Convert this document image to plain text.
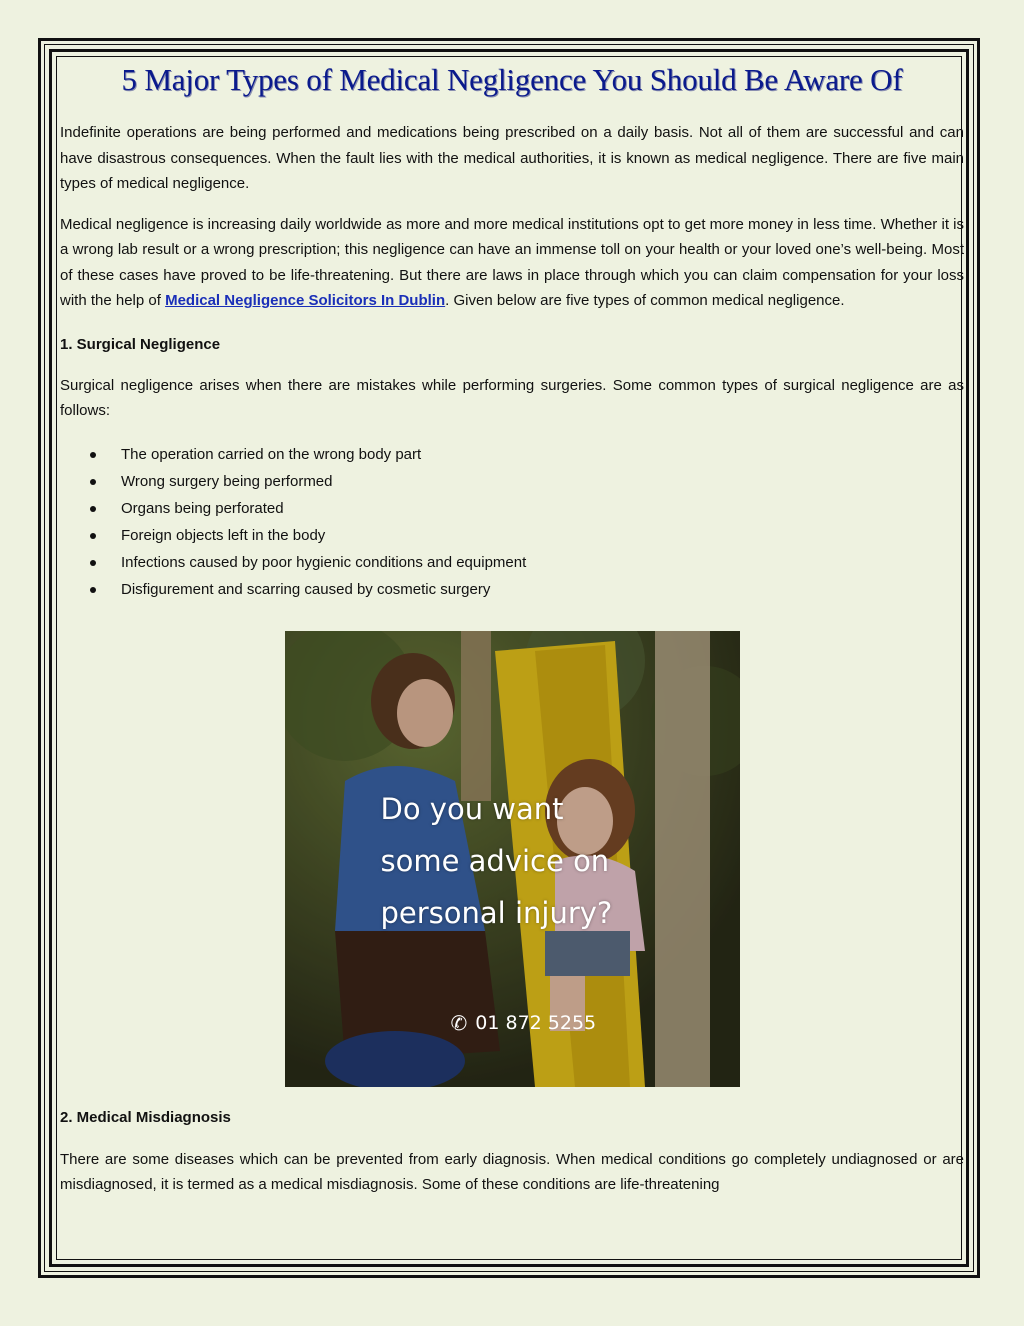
5 Major Types of Medical Negligence You Should Be Aware Of

Indefinite operations are being performed and medications being prescribed on a daily basis. Not all of them are successful and can have disastrous consequences. When the fault lies with the medical authorities, it is known as medical negligence. There are five main types of medical negligence.

Medical negligence is increasing daily worldwide as more and more medical institutions opt to get more money in less time. Whether it is a wrong lab result or a wrong prescription; this negligence can have an immense toll on your health or your loved one’s well-being. Most of these cases have proved to be life-threatening. But there are laws in place through which you can claim compensation for your loss with the help of Medical Negligence Solicitors In Dublin. Given below are five types of common medical negligence.

1. Surgical Negligence

Surgical negligence arises when there are mistakes while performing surgeries. Some common types of surgical negligence are as follows:

The operation carried on the wrong body part
Wrong surgery being performed
Organs being perforated
Foreign objects left in the body
Infections caused by poor hygienic conditions and equipment
Disfigurement and scarring caused by cosmetic surgery
Do you want
some advice on
personal injury?
✆ 01 872 5255
2. Medical Misdiagnosis

There are some diseases which can be prevented from early diagnosis. When medical conditions go completely undiagnosed or are misdiagnosed, it is termed as a medical misdiagnosis. Some of these conditions are life-threatening
